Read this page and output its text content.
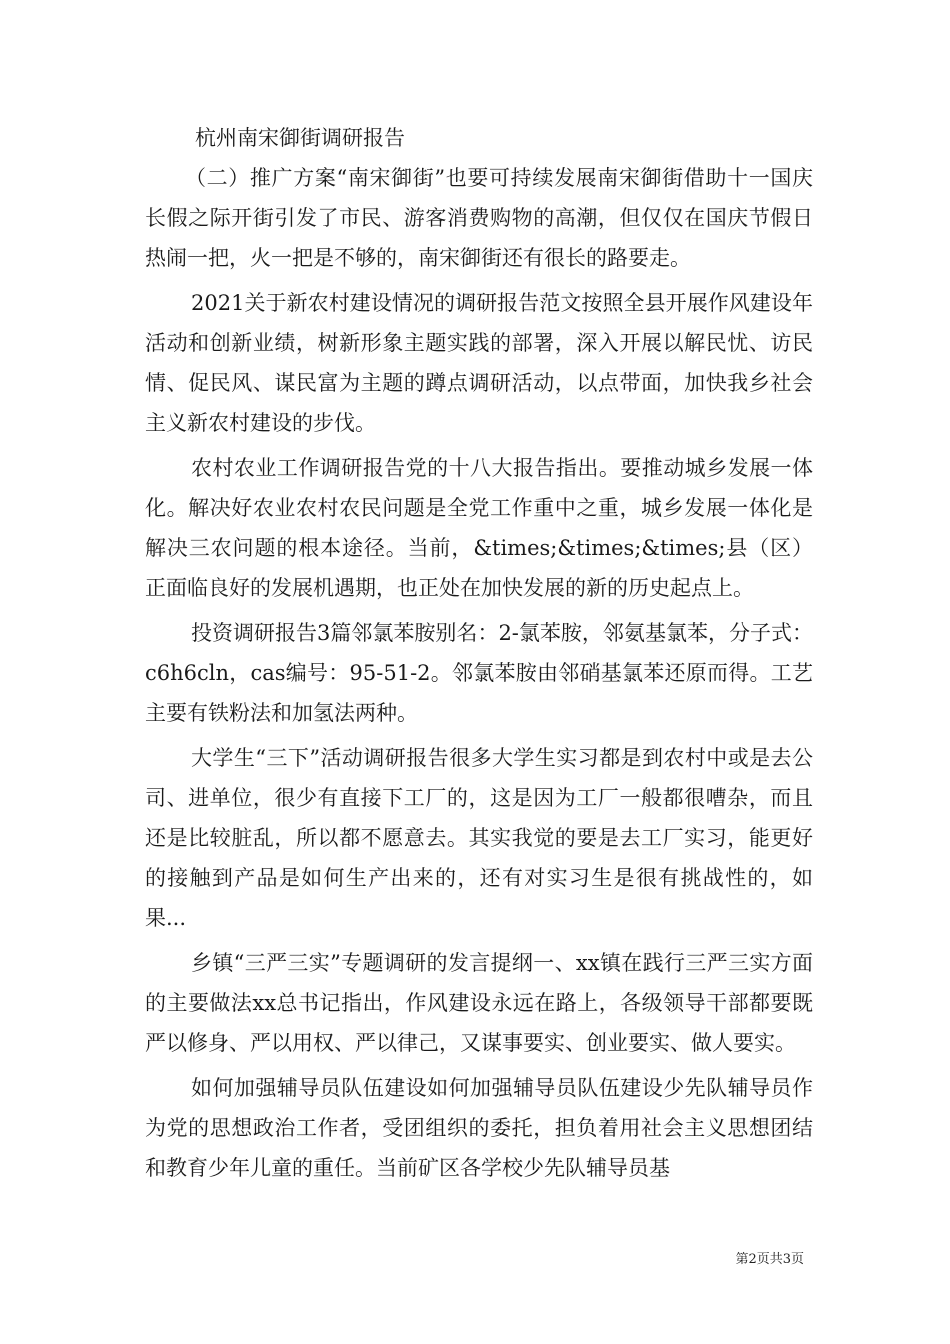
杭州南宋御街调研报告

（二）推广方案“南宋御街”也要可持续发展南宋御街借助十一国庆长假之际开街引发了市民、游客消费购物的高潮，但仅仅在国庆节假日热闹一把，火一把是不够的，南宋御街还有很长的路要走。

2021关于新农村建设情况的调研报告范文按照全县开展作风建设年活动和创新业绩，树新形象主题实践的部署，深入开展以解民忧、访民情、促民风、谋民富为主题的蹲点调研活动，以点带面，加快我乡社会主义新农村建设的步伐。

农村农业工作调研报告党的十八大报告指出。要推动城乡发展一体化。解决好农业农村农民问题是全党工作重中之重，城乡发展一体化是解决三农问题的根本途径。当前，&times;&times;&times;县（区）正面临良好的发展机遇期，也正处在加快发展的新的历史起点上。

投资调研报告3篇邻氯苯胺别名：2-氯苯胺，邻氨基氯苯，分子式：c6h6cln，cas编号：95-51-2。邻氯苯胺由邻硝基氯苯还原而得。工艺主要有铁粉法和加氢法两种。

大学生“三下”活动调研报告很多大学生实习都是到农村中或是去公司、进单位，很少有直接下工厂的，这是因为工厂一般都很嘈杂，而且还是比较脏乱，所以都不愿意去。其实我觉的要是去工厂实习，能更好的接触到产品是如何生产出来的，还有对实习生是很有挑战性的，如果...

乡镇“三严三实”专题调研的发言提纲一、xx镇在践行三严三实方面的主要做法xx总书记指出，作风建设永远在路上，各级领导干部都要既严以修身、严以用权、严以律己，又谋事要实、创业要实、做人要实。

如何加强辅导员队伍建设如何加强辅导员队伍建设少先队辅导员作为党的思想政治工作者，受团组织的委托，担负着用社会主义思想团结和教育少年儿童的重任。当前矿区各学校少先队辅导员基

第2页共3页
